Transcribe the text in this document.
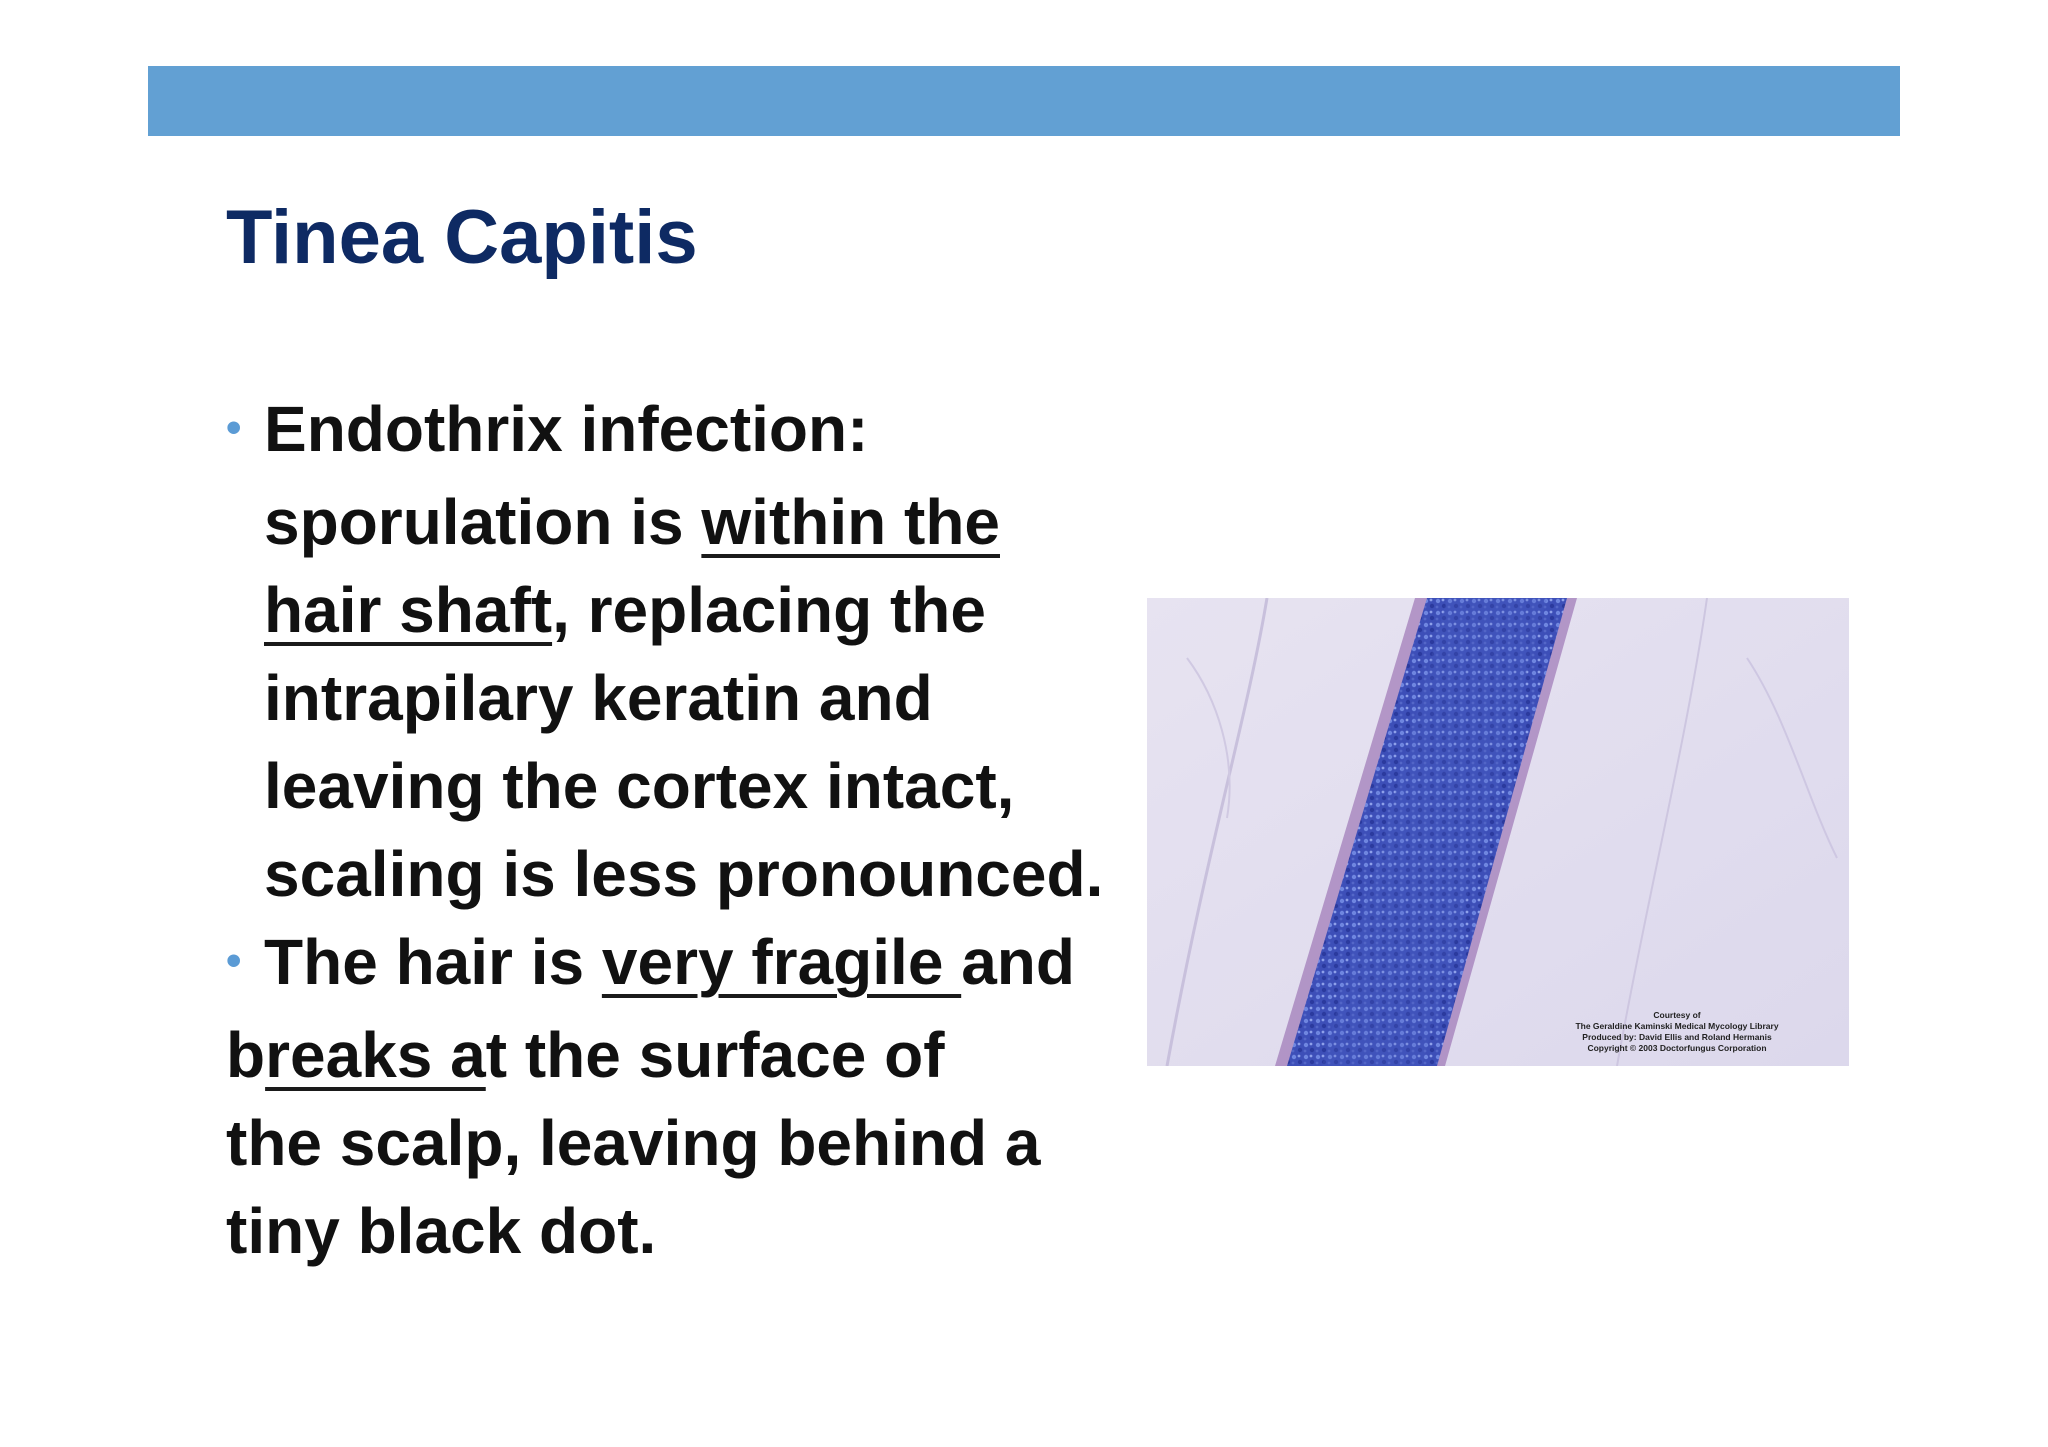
Tinea Capitis
• Endothrix infection:
sporulation is within the
hair shaft, replacing the
intrapilary keratin and
leaving the cortex intact,
scaling is less pronounced.
• The hair is very fragile and
breaks at the surface of
the scalp, leaving behind a
tiny black dot.
Courtesy of
The Geraldine Kaminski Medical Mycology Library
Produced by: David Ellis and Roland Hermanis
Copyright © 2003 Doctorfungus Corporation
